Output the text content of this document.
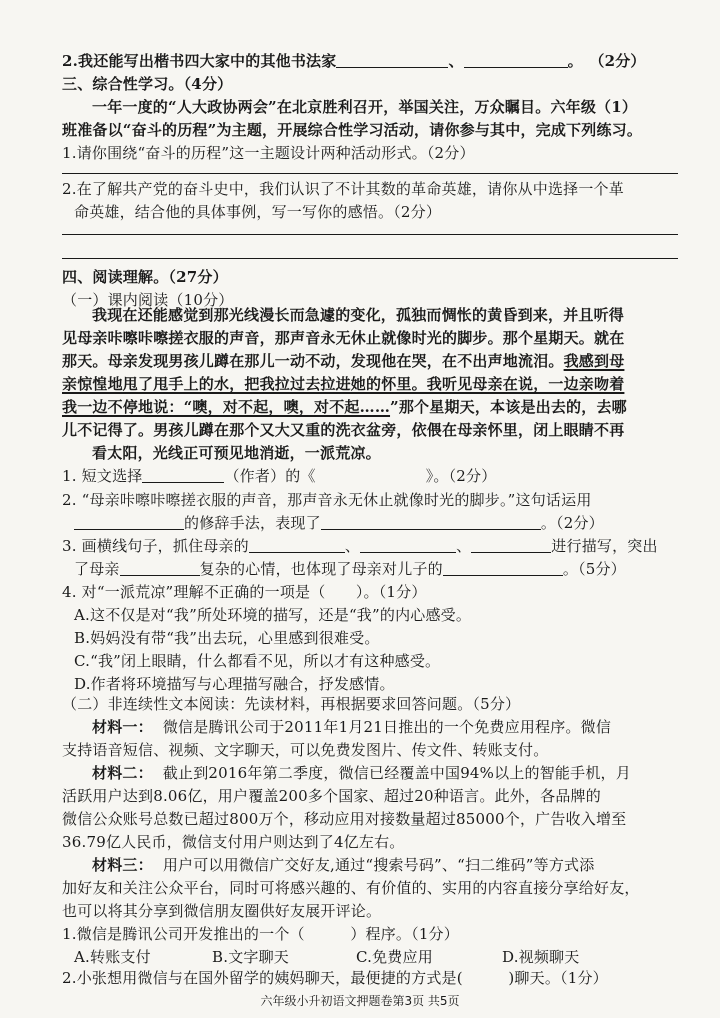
2.我还能写出楷书四大家中的其他书法家	、	。 （2分）
三、综合性学习。（4分）
一年一度的“人大政协两会”在北京胜利召开，举国关注，万众瞩目。六年级（1）
班准备以“奋斗的历程”为主题，开展综合性学习活动，请你参与其中，完成下列练习。
1.请你围绕“奋斗的历程”这一主题设计两种活动形式。（2分）
2.在了解共产党的奋斗史中，我们认识了不计其数的革命英雄，请你从中选择一个革
命英雄，结合他的具体事例，写一写你的感悟。（2分）
四、阅读理解。（27分）
（一）课内阅读（10分）
我现在还能感觉到那光线漫长而急遽的变化，孤独而惆怅的黄昏到来，并且听得
见母亲咔嚓咔嚓搓衣服的声音，那声音永无休止就像时光的脚步。那个星期天。就在
那天。母亲发现男孩儿蹲在那儿一动不动，发现他在哭，在不出声地流泪。我感到母
亲惊惶地甩了甩手上的水，把我拉过去拉进她的怀里。我听见母亲在说，一边亲吻着
我一边不停地说：“噢，对不起，噢，对不起……”那个星期天，本该是出去的，去哪
儿不记得了。男孩儿蹲在那个又大又重的洗衣盆旁，依偎在母亲怀里，闭上眼睛不再
看太阳，光线正可预见地消逝，一派荒凉。
1. 短文选择	（作者）的《	》。（2分）
2. “母亲咔嚓咔嚓搓衣服的声音，那声音永无休止就像时光的脚步。”这句话运用
的修辞手法，表现了	。（2分）
3. 画横线句子，抓住母亲的	、	、	进行描写，突出
了母亲	复杂的心情，也体现了母亲对儿子的	。（5分）
4. 对“一派荒凉”理解不正确的一项是（　　）。（1分）
A.这不仅是对“我”所处环境的描写，还是“我”的内心感受。
B.妈妈没有带“我”出去玩，心里感到很难受。
C.“我”闭上眼睛，什么都看不见，所以才有这种感受。
D.作者将环境描写与心理描写融合，抒发感情。
（二）非连续性文本阅读：先读材料，再根据要求回答问题。（5分）
材料一： 微信是腾讯公司于2011年1月21日推出的一个免费应用程序。微信
支持语音短信、视频、文字聊天，可以免费发图片、传文件、转账支付。
材料二： 截止到2016年第二季度，微信已经覆盖中国94%以上的智能手机，月
活跃用户达到8.06亿，用户覆盖200多个国家、超过20种语言。此外，各品牌的
微信公众账号总数已超过800万个，移动应用对接数量超过85000个，广告收入增至
36.79亿人民币，微信支付用户则达到了4亿左右。
材料三： 用户可以用微信广交好友,通过“搜索号码”、“扫二维码”等方式添
加好友和关注公众平台，同时可将感兴趣的、有价值的、实用的内容直接分享给好友，
也可以将其分享到微信朋友圈供好友展开评论。
1.微信是腾讯公司开发推出的一个（　　　）程序。（1分）
A.转账支付	B.文字聊天	C.免费应用	D.视频聊天
2.小张想用微信与在国外留学的姨妈聊天，最便捷的方式是(　　　)聊天。（1分）
六年级小升初语文押题卷第3页 共5页
